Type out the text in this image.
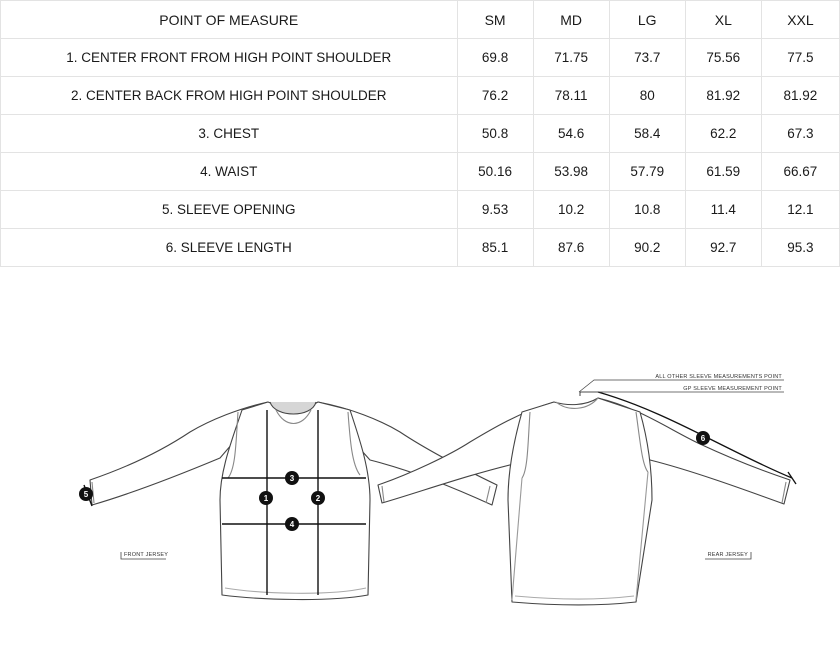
POINT OF MEASURE	SM	MD	LG	XL	XXL
1. CENTER FRONT FROM HIGH POINT SHOULDER	69.8	71.75	73.7	75.56	77.5
2. CENTER BACK FROM HIGH POINT SHOULDER	76.2	78.11	80	81.92	81.92
3. CHEST	50.8	54.6	58.4	62.2	67.3
4. WAIST	50.16	53.98	57.79	61.59	66.67
5. SLEEVE OPENING	9.53	10.2	10.8	11.4	12.1
6. SLEEVE LENGTH	85.1	87.6	90.2	92.7	95.3
1	2
3
4
5
FRONT JERSEY
6
ALL OTHER SLEEVE MEASUREMENTS POINT
GP SLEEVE MEASUREMENT POINT
REAR JERSEY
